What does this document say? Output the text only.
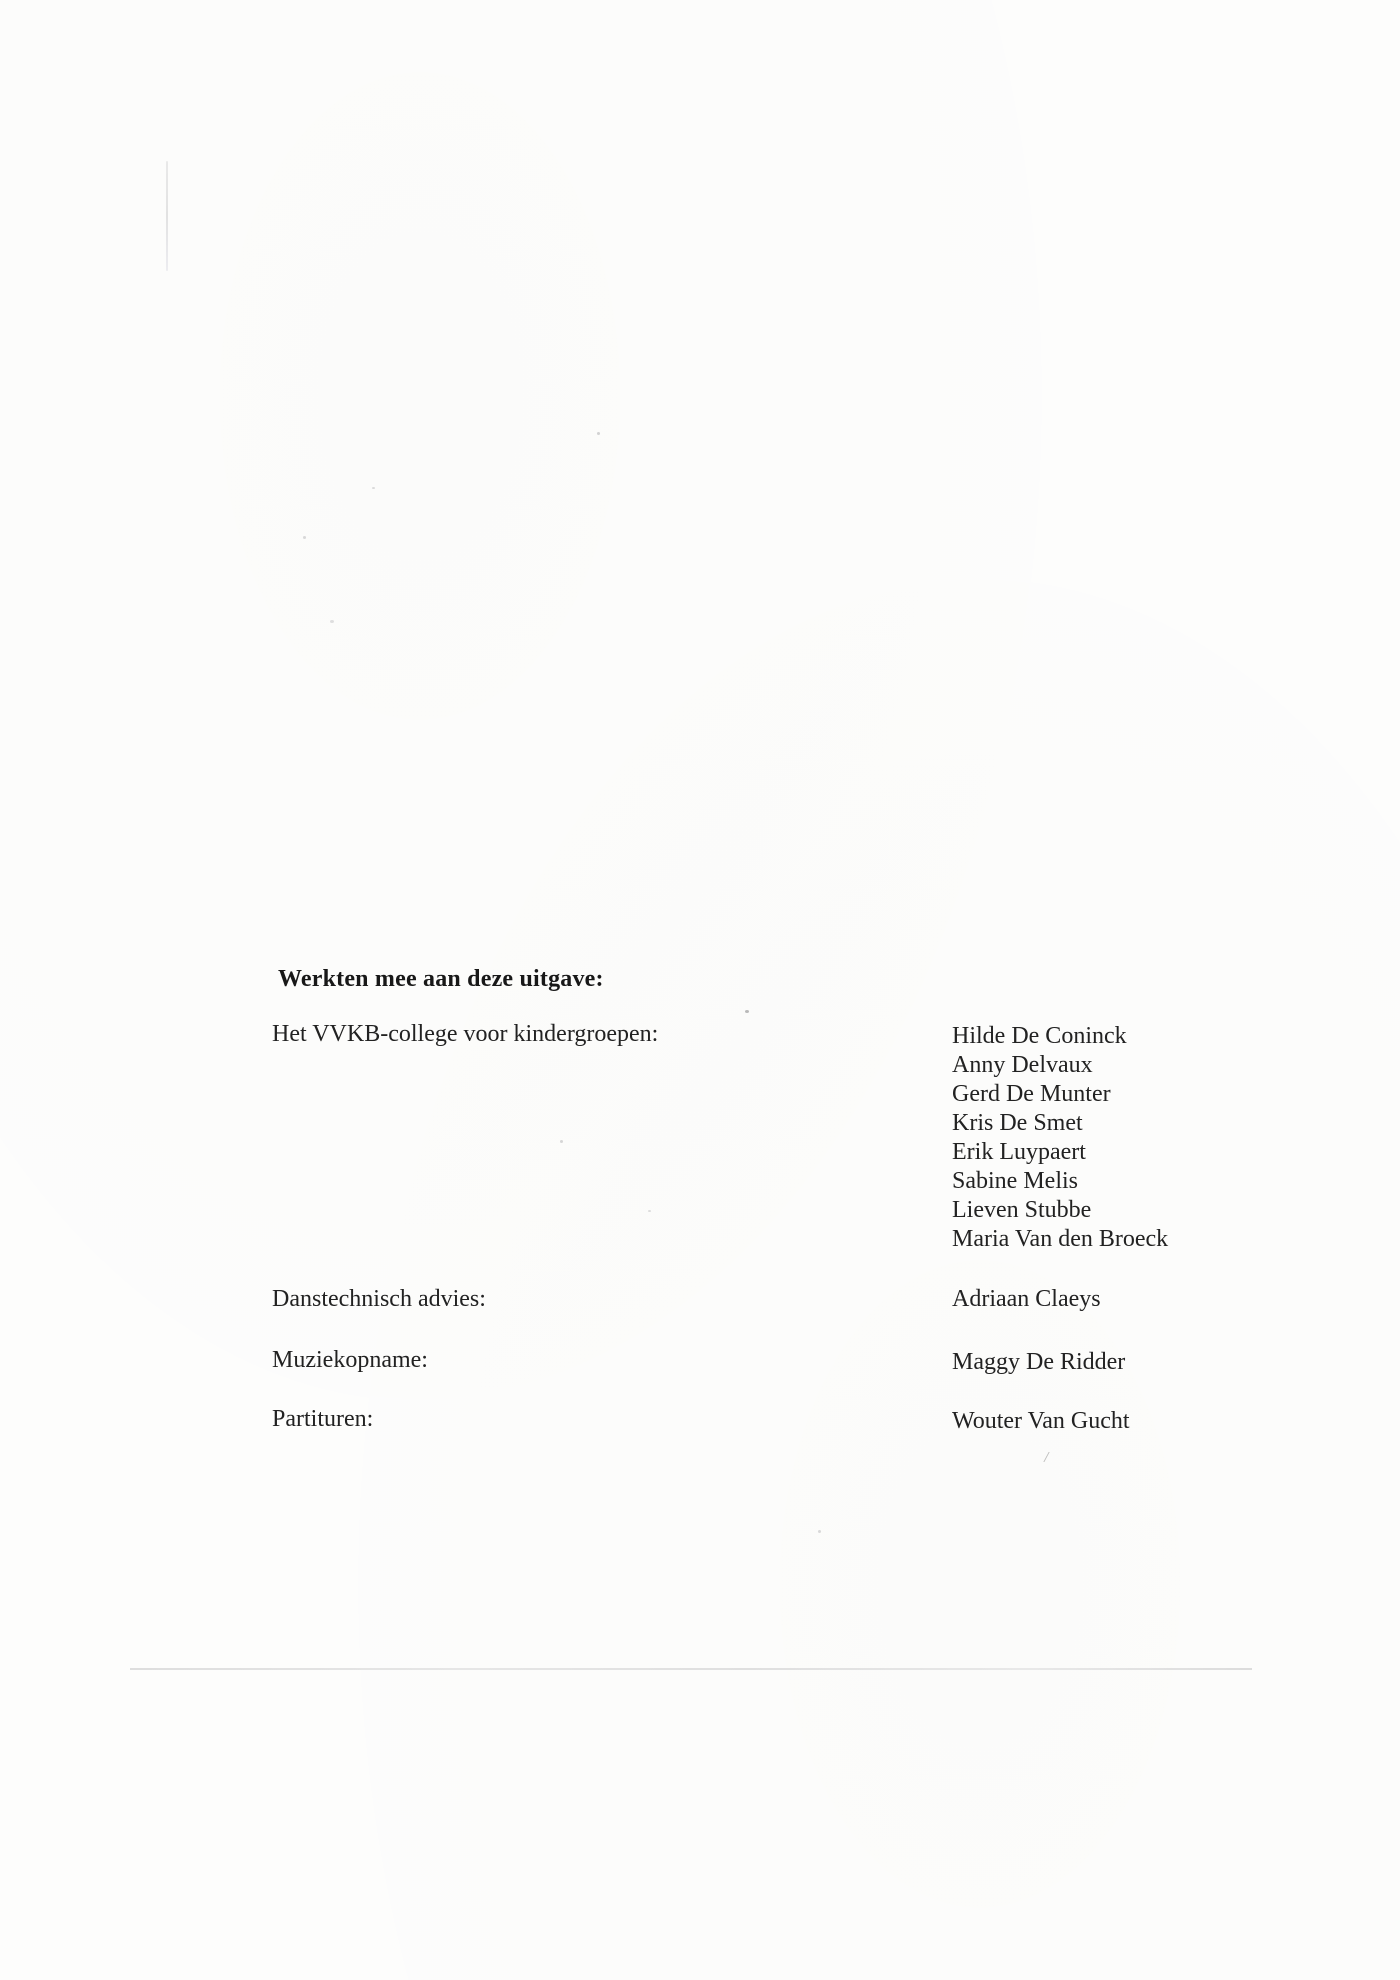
Werkten mee aan deze uitgave:
Het VVKB-college voor kindergroepen:	Hilde De Coninck
Anny Delvaux
Gerd De Munter
Kris De Smet
Erik Luypaert
Sabine Melis
Lieven Stubbe
Maria Van den Broeck
Danstechnisch advies:	Adriaan Claeys
Muziekopname:	Maggy De Ridder
Partituren:	Wouter Van Gucht
